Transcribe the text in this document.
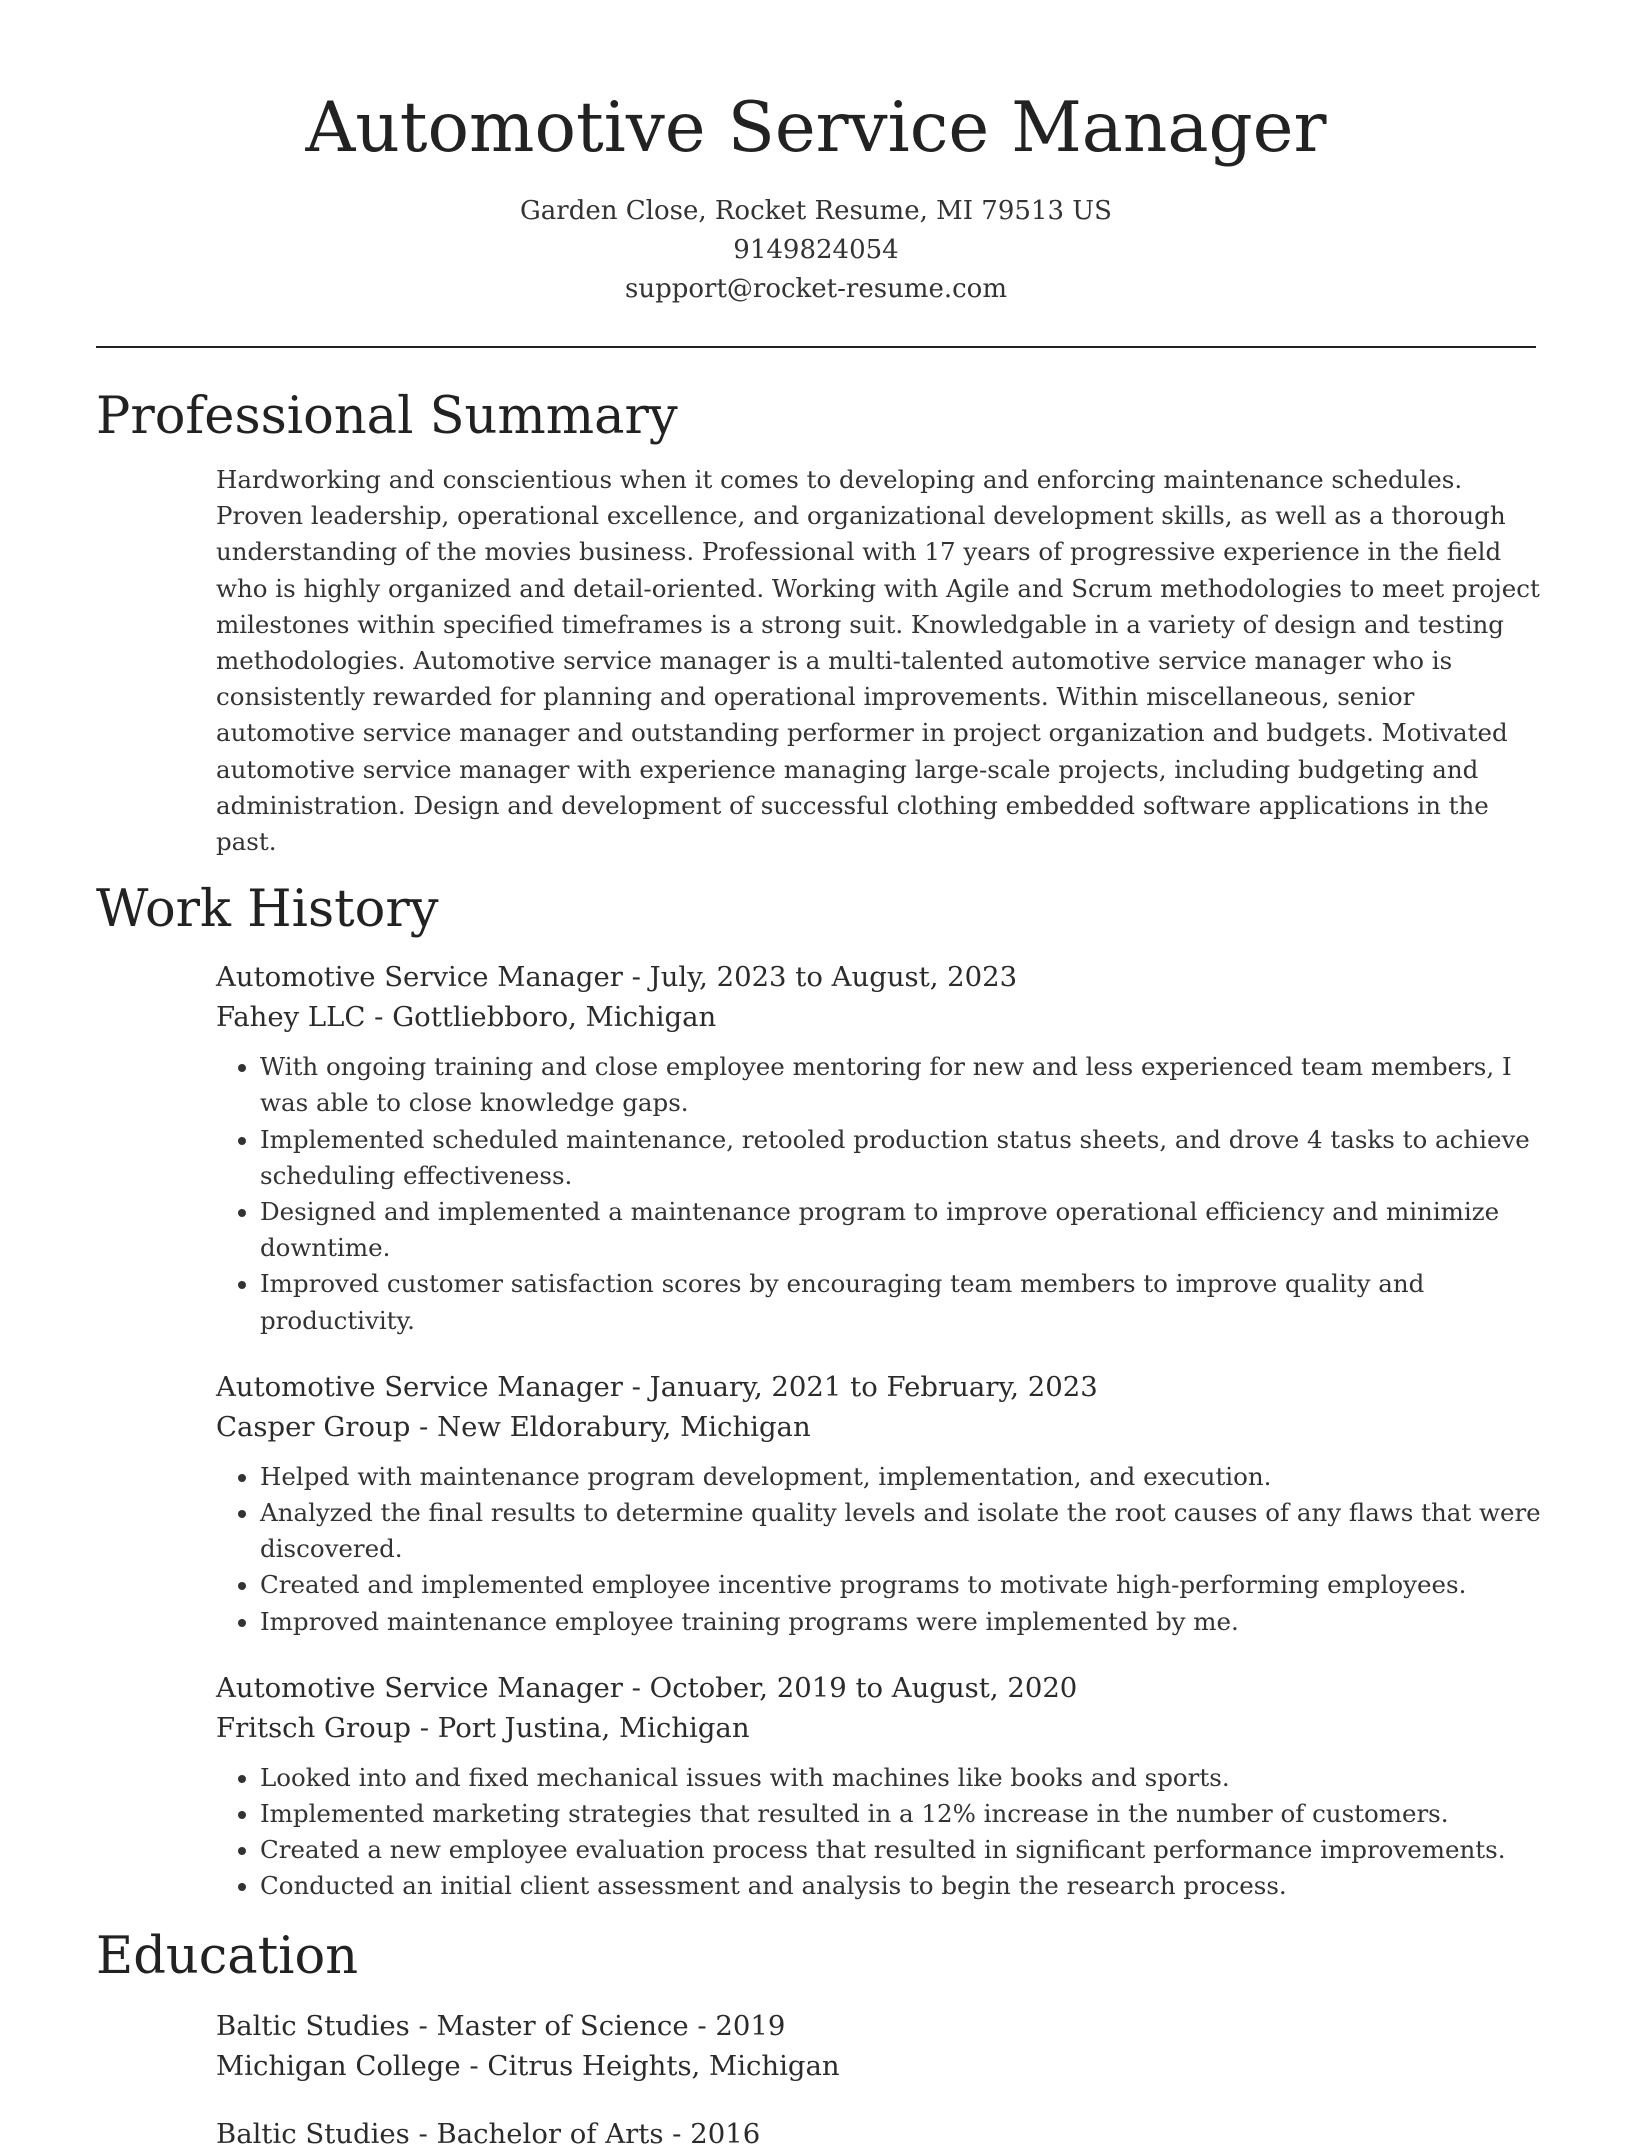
Automotive Service Manager
Garden Close, Rocket Resume, MI 79513 US
9149824054
support@rocket-resume.com
Professional Summary
Hardworking and conscientious when it comes to developing and enforcing maintenance schedules. Proven leadership, operational excellence, and organizational development skills, as well as a thorough understanding of the movies business. Professional with 17 years of progressive experience in the field who is highly organized and detail-oriented. Working with Agile and Scrum methodologies to meet project milestones within specified timeframes is a strong suit. Knowledgable in a variety of design and testing methodologies. Automotive service manager is a multi-talented automotive service manager who is consistently rewarded for planning and operational improvements. Within miscellaneous, senior automotive service manager and outstanding performer in project organization and budgets. Motivated automotive service manager with experience managing large-scale projects, including budgeting and administration. Design and development of successful clothing embedded software applications in the past.
Work History
Automotive Service Manager - July, 2023 to August, 2023
Fahey LLC - Gottliebboro, Michigan
• With ongoing training and close employee mentoring for new and less experienced team members, I was able to close knowledge gaps.
• Implemented scheduled maintenance, retooled production status sheets, and drove 4 tasks to achieve scheduling effectiveness.
• Designed and implemented a maintenance program to improve operational efficiency and minimize downtime.
• Improved customer satisfaction scores by encouraging team members to improve quality and productivity.
Automotive Service Manager - January, 2021 to February, 2023
Casper Group - New Eldorabury, Michigan
• Helped with maintenance program development, implementation, and execution.
• Analyzed the final results to determine quality levels and isolate the root causes of any flaws that were discovered.
• Created and implemented employee incentive programs to motivate high-performing employees.
• Improved maintenance employee training programs were implemented by me.
Automotive Service Manager - October, 2019 to August, 2020
Fritsch Group - Port Justina, Michigan
• Looked into and fixed mechanical issues with machines like books and sports.
• Implemented marketing strategies that resulted in a 12% increase in the number of customers.
• Created a new employee evaluation process that resulted in significant performance improvements.
• Conducted an initial client assessment and analysis to begin the research process.
Education
Baltic Studies - Master of Science - 2019
Michigan College - Citrus Heights, Michigan
Baltic Studies - Bachelor of Arts - 2016
